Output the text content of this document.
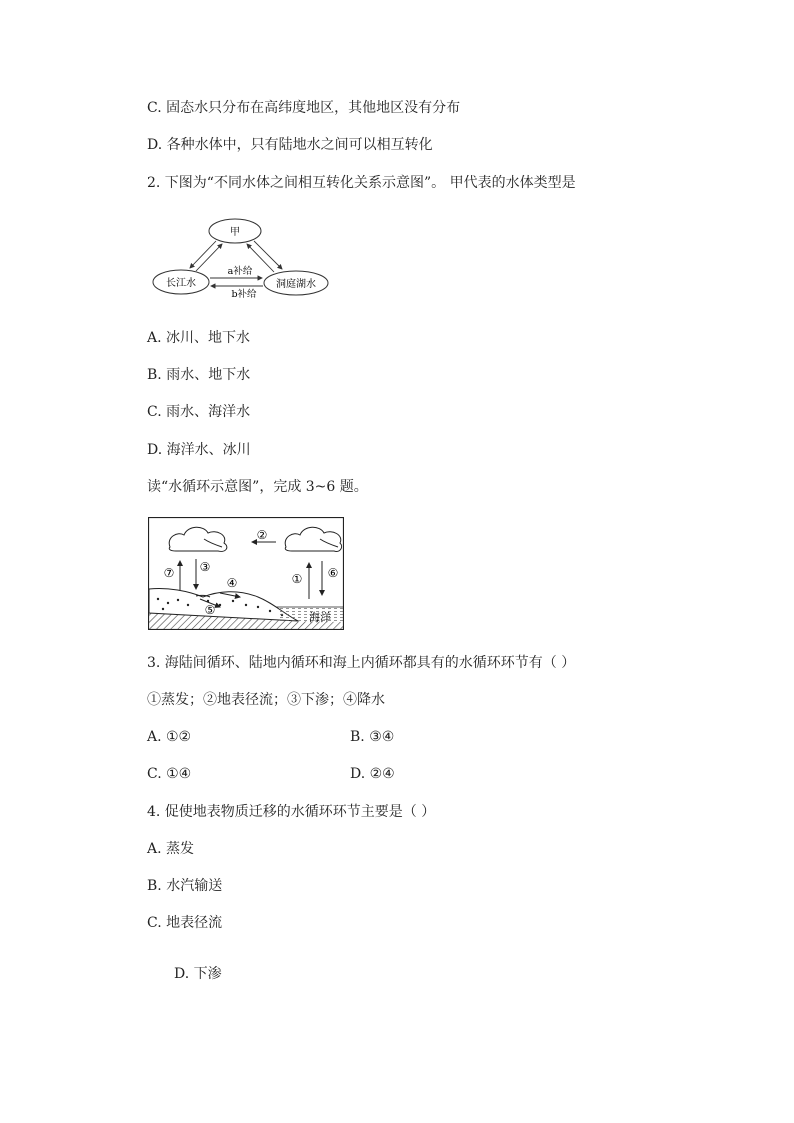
C. 固态水只分布在高纬度地区，其他地区没有分布
D. 各种水体中，只有陆地水之间可以相互转化
2. 下图为“不同水体之间相互转化关系示意图”。 甲代表的水体类型是
甲
长江水	洞庭湖水
a补给
b补给
A. 冰川、地下水
B. 雨水、地下水
C. 雨水、海洋水
D. 海洋水、冰川
读“水循环示意图”，完成 3~6 题。
②
⑦ ③
① ⑥
④
⑤
海洋
3. 海陆间循环、陆地内循环和海上内循环都具有的水循环环节有（ ）
①蒸发；②地表径流；③下渗；④降水
A. ①②	B. ③④
C. ①④	D. ②④
4. 促使地表物质迁移的水循环环节主要是（ ）
A. 蒸发
B. 水汽输送
C. 地表径流
D. 下渗
